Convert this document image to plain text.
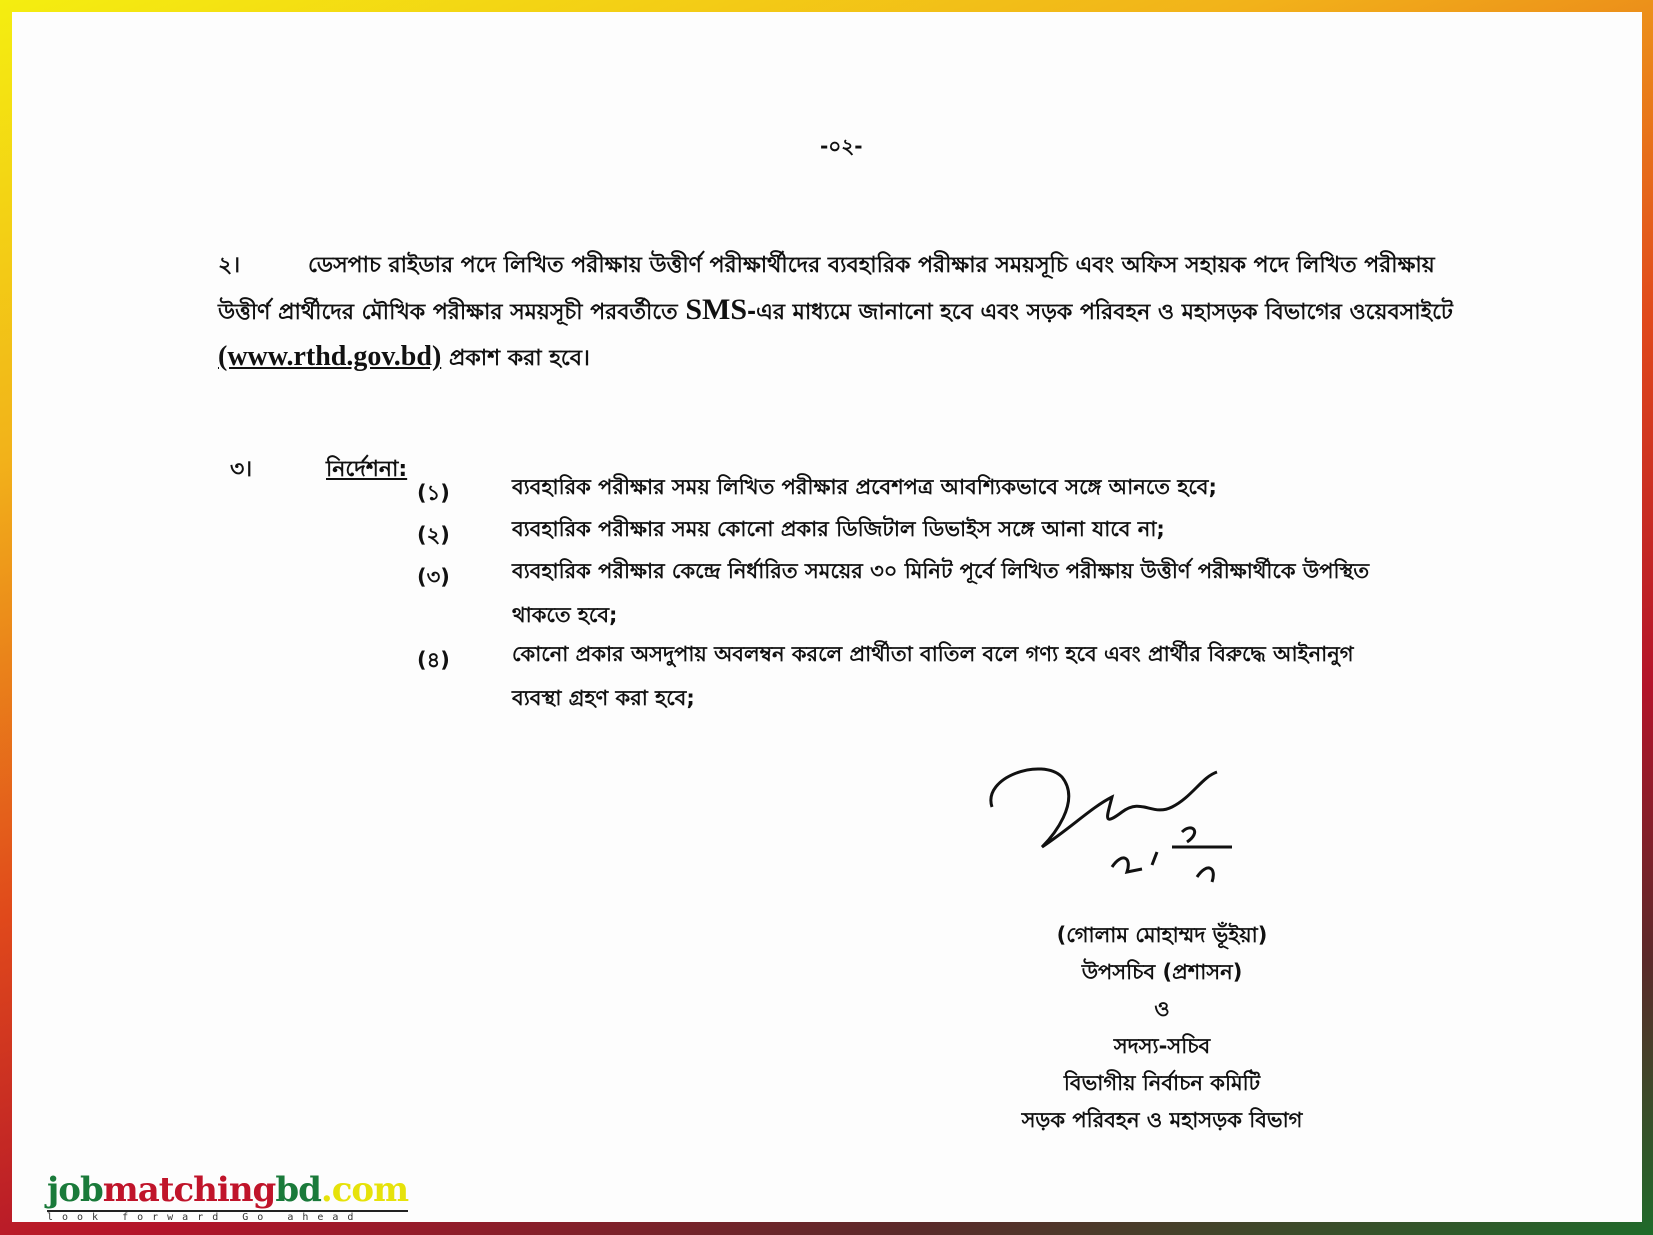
-০২-
২।	ডেসপাচ রাইডার পদে লিখিত পরীক্ষায় উত্তীর্ণ পরীক্ষার্থীদের ব্যবহারিক পরীক্ষার সময়সূচি এবং অফিস সহায়ক পদে লিখিত পরীক্ষায় উত্তীর্ণ প্রার্থীদের মৌখিক পরীক্ষার সময়সূচী পরবর্তীতে SMS-এর মাধ্যমে জানানো হবে এবং সড়ক পরিবহন ও মহাসড়ক বিভাগের ওয়েবসাইটে (www.rthd.gov.bd) প্রকাশ করা হবে।
৩।	নির্দেশনা:
(১)	ব্যবহারিক পরীক্ষার সময় লিখিত পরীক্ষার প্রবেশপত্র আবশ্যিকভাবে সঙ্গে আনতে হবে;
(২)	ব্যবহারিক পরীক্ষার সময় কোনো প্রকার ডিজিটাল ডিভাইস সঙ্গে আনা যাবে না;
(৩)	ব্যবহারিক পরীক্ষার কেন্দ্রে নির্ধারিত সময়ের ৩০ মিনিট পূর্বে লিখিত পরীক্ষায় উত্তীর্ণ পরীক্ষার্থীকে উপস্থিত থাকতে হবে;
(৪)	কোনো প্রকার অসদুপায় অবলম্বন করলে প্রার্থীতা বাতিল বলে গণ্য হবে এবং প্রার্থীর বিরুদ্ধে আইনানুগ ব্যবস্থা গ্রহণ করা হবে;
(গোলাম মোহাম্মদ ভূঁইয়া)
উপসচিব (প্রশাসন)
ও
সদস্য-সচিব
বিভাগীয় নির্বাচন কমিটি
সড়ক পরিবহন ও মহাসড়ক বিভাগ
jobmatchingbd.com
look forward Go ahead
